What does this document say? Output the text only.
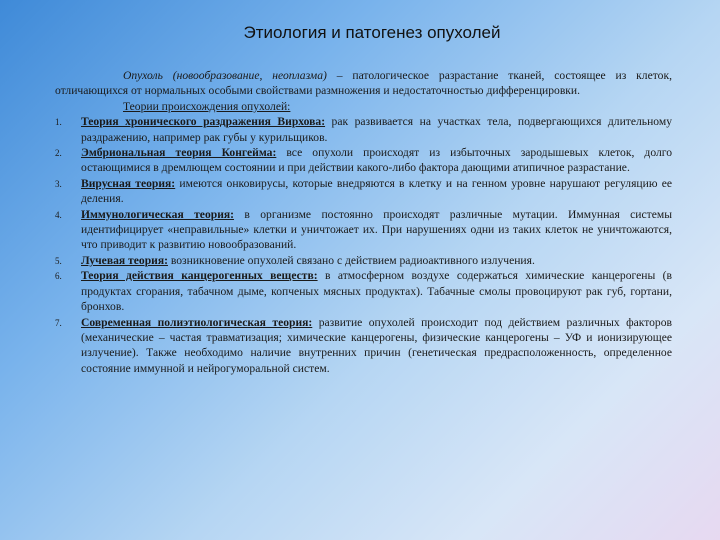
Этиология и патогенез опухолей

Опухоль (новообразование, неоплазма) – патологическое разрастание тканей, состоящее из клеток, отличающихся от нормальных особыми свойствами размножения и недостаточностью дифференцировки.

Теории происхождения опухолей:

1. Теория хронического раздражения Вирхова: рак развивается на участках тела, подвергающихся длительному раздражению, например рак губы у курильщиков.
2. Эмбриональная теория Конгейма: все опухоли происходят из избыточных зародышевых клеток, долго остающимися в дремлющем состоянии и при действии какого-либо фактора дающими атипичное разрастание.
3. Вирусная теория: имеются онковирусы, которые внедряются в клетку и на генном уровне нарушают регуляцию ее деления.
4. Иммунологическая теория: в организме постоянно происходят различные мутации. Иммунная системы идентифицирует «неправильные» клетки и уничтожает их. При нарушениях одни из таких клеток не уничтожаются, что приводит к развитию новообразований.
5. Лучевая теория: возникновение опухолей связано с действием радиоактивного излучения.
6. Теория действия канцерогенных веществ: в атмосферном воздухе содержаться химические канцерогены (в продуктах сгорания, табачном дыме, копченых мясных продуктах). Табачные смолы провоцируют рак губ, гортани, бронхов.
7. Современная полиэтиологическая теория: развитие опухолей происходит под действием различных факторов (механические – частая травматизация; химические канцерогены, физические канцерогены – УФ и ионизирующее излучение). Также необходимо наличие внутренних причин (генетическая предрасположенность, определенное состояние иммунной и нейрогуморальной систем.
